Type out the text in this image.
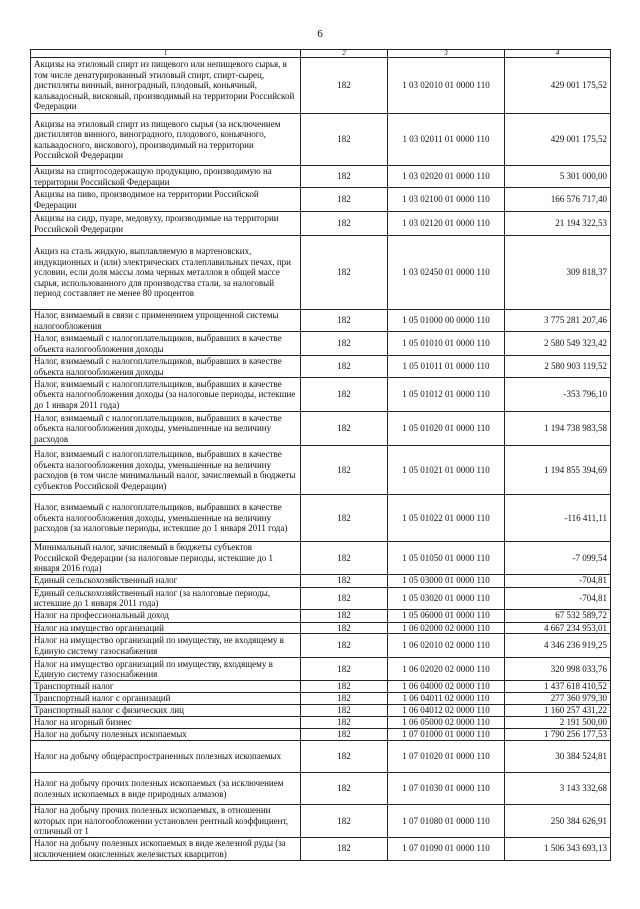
6
1	2	3	4
Акцизы на этиловый спирт из пищевого или непищевого сырья, в том числе денатурированный этиловый спирт, спирт-сырец, дистилляты винный, виноградный, плодовый, коньячный, кальвадосный, висковый, производимый на территории Российской Федерации	182	1 03 02010 01 0000 110	429 001 175,52
Акцизы на этиловый спирт из пищевого сырья (за исключением дистиллятов винного, виноградного, плодового, коньячного, кальвадосного, вискового), производимый на территории Российской Федерации	182	1 03 02011 01 0000 110	429 001 175,52
Акцизы на спиртосодержащую продукцию, производимую на территории Российской Федерации	182	1 03 02020 01 0000 110	5 301 000,00
Акцизы на пиво, производимое на территории Российской Федерации	182	1 03 02100 01 0000 110	166 576 717,40
Акцизы на сидр, пуаре, медовуху, производимые на территории Российской Федерации	182	1 03 02120 01 0000 110	21 194 322,53
Акциз на сталь жидкую, выплавляемую в мартеновских, индукционных и (или) электрических сталеплавильных печах, при условии, если доля массы лома черных металлов в общей массе сырья, использованного для производства стали, за налоговый период составляет не менее 80 процентов	182	1 03 02450 01 0000 110	309 818,37
Налог, взимаемый в связи с применением упрощенной системы налогообложения	182	1 05 01000 00 0000 110	3 775 281 207,46
Налог, взимаемый с налогоплательщиков, выбравших в качестве объекта налогообложения доходы	182	1 05 01010 01 0000 110	2 580 549 323,42
Налог, взимаемый с налогоплательщиков, выбравших в качестве объекта налогообложения доходы	182	1 05 01011 01 0000 110	2 580 903 119,52
Налог, взимаемый с налогоплательщиков, выбравших в качестве объекта налогообложения доходы (за налоговые периоды, истекшие до 1 января 2011 года)	182	1 05 01012 01 0000 110	-353 796,10
Налог, взимаемый с налогоплательщиков, выбравших в качестве объекта налогообложения доходы, уменьшенные на величину расходов	182	1 05 01020 01 0000 110	1 194 738 983,58
Налог, взимаемый с налогоплательщиков, выбравших в качестве объекта налогообложения доходы, уменьшенные на величину расходов (в том числе минимальный налог, зачисляемый в бюджеты субъектов Российской Федерации)	182	1 05 01021 01 0000 110	1 194 855 394,69
Налог, взимаемый с налогоплательщиков, выбравших в качестве объекта налогообложения доходы, уменьшенные на величину расходов (за налоговые периоды, истекшие до 1 января 2011 года)	182	1 05 01022 01 0000 110	-116 411,11
Минимальный налог, зачисляемый в бюджеты субъектов Российской Федерации (за налоговые периоды, истекшие до 1 января 2016 года)	182	1 05 01050 01 0000 110	-7 099,54
Единый сельскохозяйственный налог	182	1 05 03000 01 0000 110	-704,81
Единый сельскохозяйственный налог (за налоговые периоды, истекшие до 1 января 2011 года)	182	1 05 03020 01 0000 110	-704,81
Налог на профессиональный доход	182	1 05 06000 01 0000 110	67 532 589,72
Налог на имущество организаций	182	1 06 02000 02 0000 110	4 667 234 953,01
Налог на имущество организаций по имуществу, не входящему в Единую систему газоснабжения	182	1 06 02010 02 0000 110	4 346 236 919,25
Налог на имущество организаций по имуществу, входящему в Единую систему газоснабжения	182	1 06 02020 02 0000 110	320 998 033,76
Транспортный налог	182	1 06 04000 02 0000 110	1 437 618 410,52
Транспортный налог с организаций	182	1 06 04011 02 0000 110	277 360 979,30
Транспортный налог с физических лиц	182	1 06 04012 02 0000 110	1 160 257 431,22
Налог на игорный бизнес	182	1 06 05000 02 0000 110	2 191 500,00
Налог на добычу полезных ископаемых	182	1 07 01000 01 0000 110	1 790 256 177,53
Налог на добычу общераспространенных полезных ископаемых	182	1 07 01020 01 0000 110	30 384 524,81
Налог на добычу прочих полезных ископаемых (за исключением полезных ископаемых в виде природных алмазов)	182	1 07 01030 01 0000 110	3 143 332,68
Налог на добычу прочих полезных ископаемых, в отношении которых при налогообложении установлен рентный коэффициент, отличный от 1	182	1 07 01080 01 0000 110	250 384 626,91
Налог на добычу полезных ископаемых в виде железной руды (за исключением окисленных железистых кварцитов)	182	1 07 01090 01 0000 110	1 506 343 693,13
